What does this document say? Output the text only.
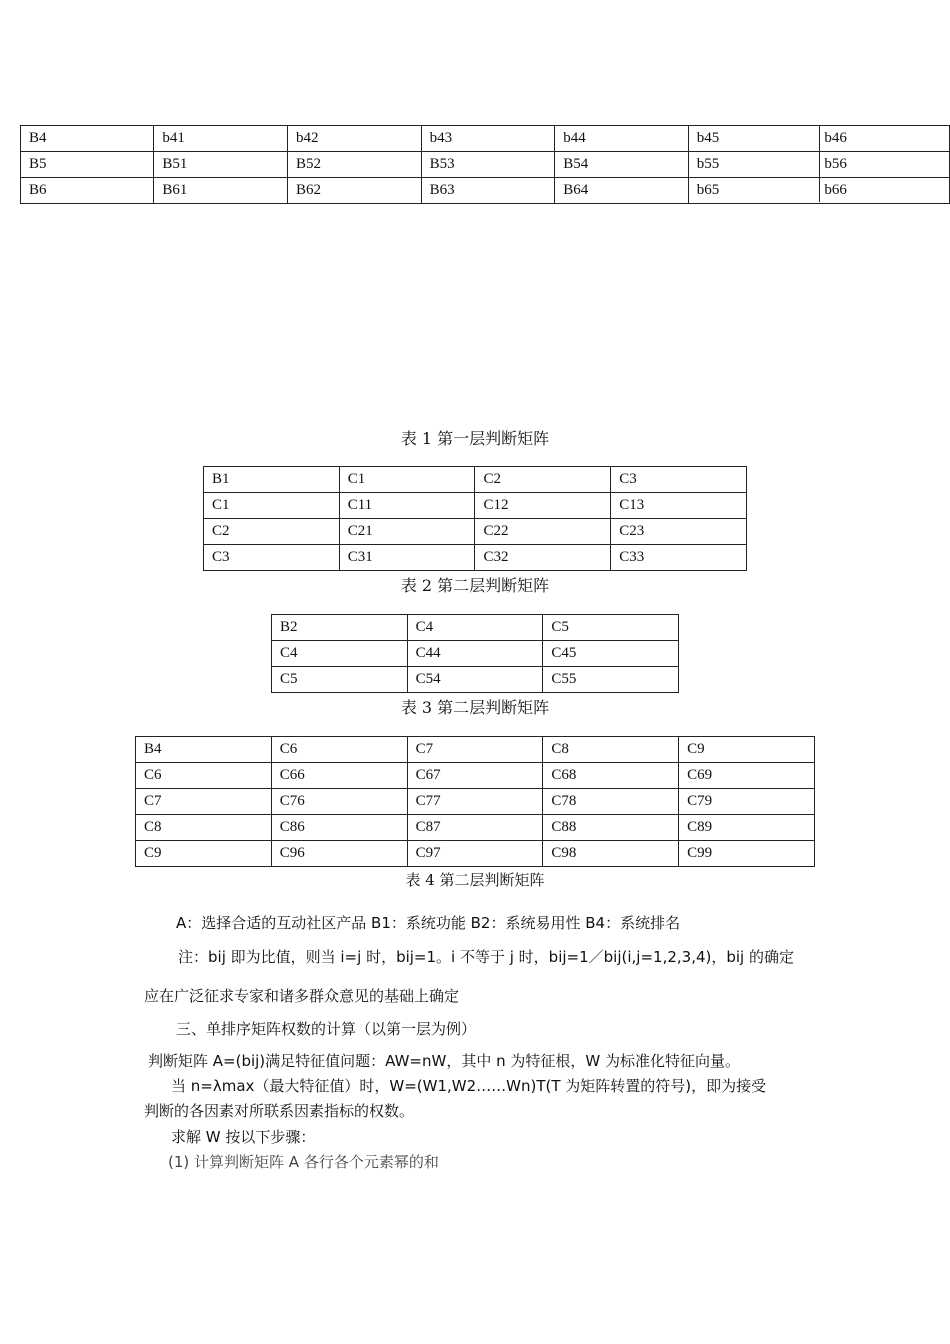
B4	b41	b42	b43	b44	b45	b46
B5	B51	B52	B53	B54	b55	b56
B6	B61	B62	B63	B64	b65	b66
表 1 第一层判断矩阵
B1	C1	C2	C3
C1	C11	C12	C13
C2	C21	C22	C23
C3	C31	C32	C33
表 2 第二层判断矩阵
B2	C4	C5
C4	C44	C45
C5	C54	C55
表 3 第二层判断矩阵
B4	C6	C7	C8	C9
C6	C66	C67	C68	C69
C7	C76	C77	C78	C79
C8	C86	C87	C88	C89
C9	C96	C97	C98	C99
表 4 第二层判断矩阵
A：选择合适的互动社区产品 B1：系统功能 B2：系统易用性 B4：系统排名
注：bij 即为比值，则当 i=j 时，bij=1。i 不等于 j 时，bij=1／bij(i,j=1,2,3,4)，bij 的确定
应在广泛征求专家和诸多群众意见的基础上确定
三、单排序矩阵权数的计算（以第一层为例）
判断矩阵 A=(bij)满足特征值问题：AW=nW，其中 n 为特征根，W 为标准化特征向量。
当 n=λmax（最大特征值）时，W=(W1,W2……Wn)T(T 为矩阵转置的符号)，即为接受
判断的各因素对所联系因素指标的权数。
求解 W 按以下步骤：
(1) 计算判断矩阵 A 各行各个元素幂的和
